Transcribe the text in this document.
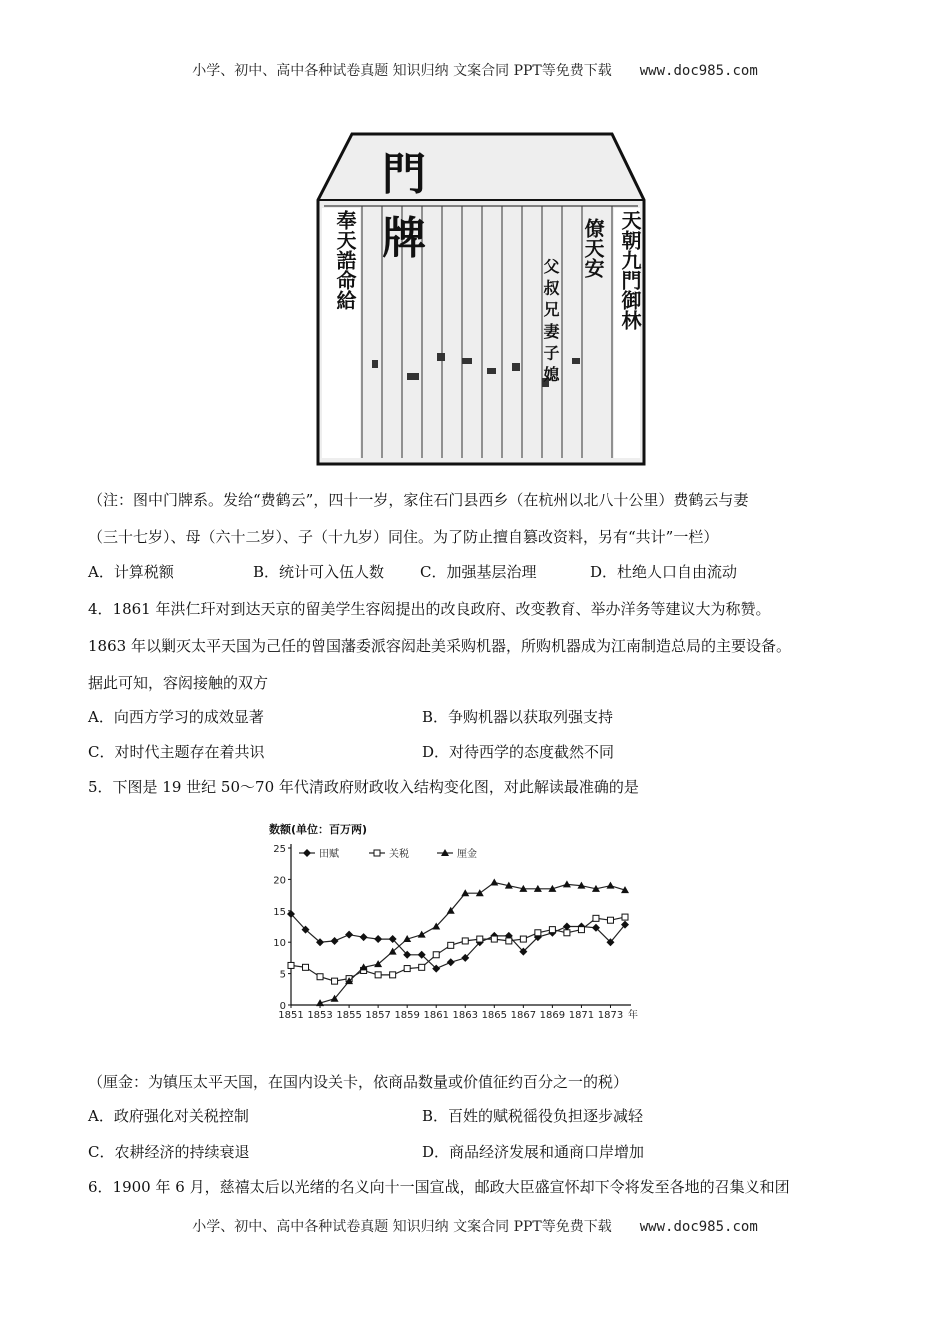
小学、初中、高中各种试卷真题 知识归纳 文案合同 PPT等免费下载 www.doc985.com
門牌	天朝九門御林
僚天安
奉天誥命給	父 叔 兄 妻 子 媳
（注：图中门牌系。发给“费鹤云”，四十一岁，家住石门县西乡（在杭州以北八十公里）费鹤云与妻
（三十七岁）、母（六十二岁）、子（十九岁）同住。为了防止擅自篡改资料，另有“共计”一栏）
A．计算税额	B．统计可入伍人数 C．加强基层治理	D．杜绝人口自由流动
4．1861 年洪仁玕对到达天京的留美学生容闳提出的改良政府、改变教育、举办洋务等建议大为称赞。
1863 年以剿灭太平天国为己任的曾国藩委派容闳赴美采购机器，所购机器成为江南制造总局的主要设备。
据此可知，容闳接触的双方
A．向西方学习的成效显著	B．争购机器以获取列强支持
C．对时代主题存在着共识	D．对待西学的态度截然不同
5．下图是 19 世纪 50～70 年代清政府财政收入结构变化图，对此解读最准确的是
数额(单位：百万两)
田赋	关税	厘金
0
5
10
15
20
25
1851 1853 1855 1857 1859 1861 1863 1865 1867 1869 1871 1873 年
（厘金：为镇压太平天国，在国内设关卡，依商品数量或价值征约百分之一的税）
A．政府强化对关税控制	B．百姓的赋税徭役负担逐步减轻
C．农耕经济的持续衰退	D．商品经济发展和通商口岸增加
6．1900 年 6 月，慈禧太后以光绪的名义向十一国宣战，邮政大臣盛宣怀却下令将发至各地的召集义和团
小学、初中、高中各种试卷真题 知识归纳 文案合同 PPT等免费下载 www.doc985.com
